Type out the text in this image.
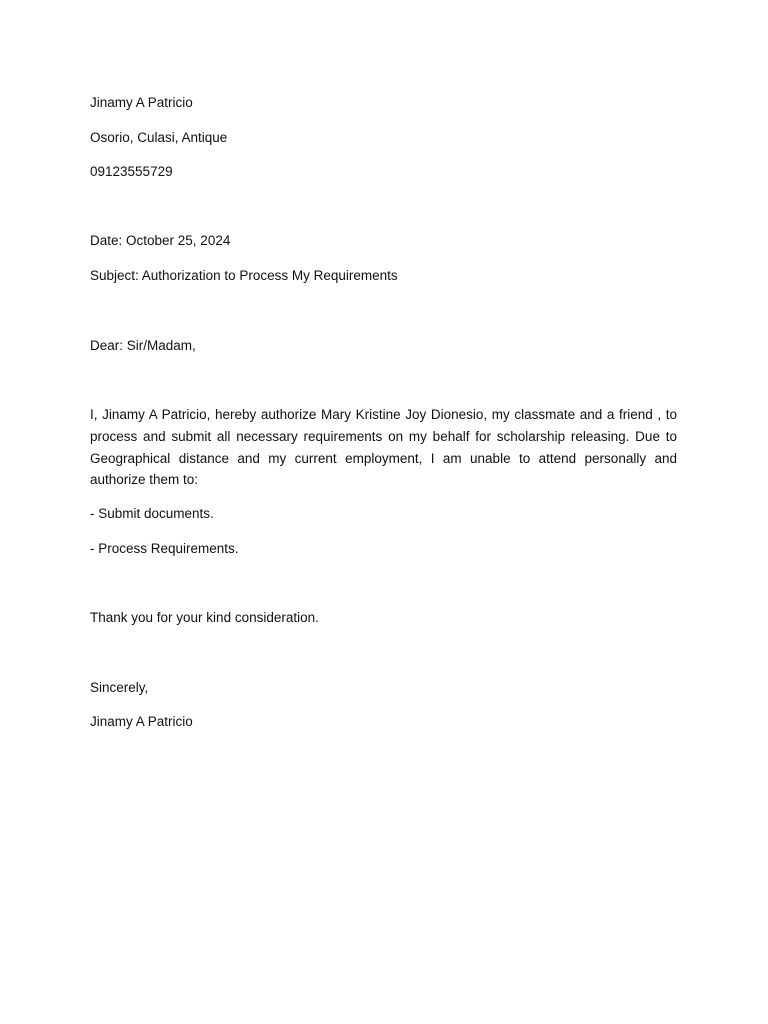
Jinamy A Patricio

Osorio, Culasi, Antique

09123555729

Date: October 25, 2024

Subject: Authorization to Process My Requirements

Dear: Sir/Madam,

I, Jinamy A Patricio, hereby authorize Mary Kristine Joy Dionesio, my classmate and a friend , to process and submit all necessary requirements on my behalf for scholarship releasing. Due to Geographical distance and my current employment, I am unable to attend personally and authorize them to:

- Submit documents.

- Process Requirements.

Thank you for your kind consideration.

Sincerely,

Jinamy A Patricio
